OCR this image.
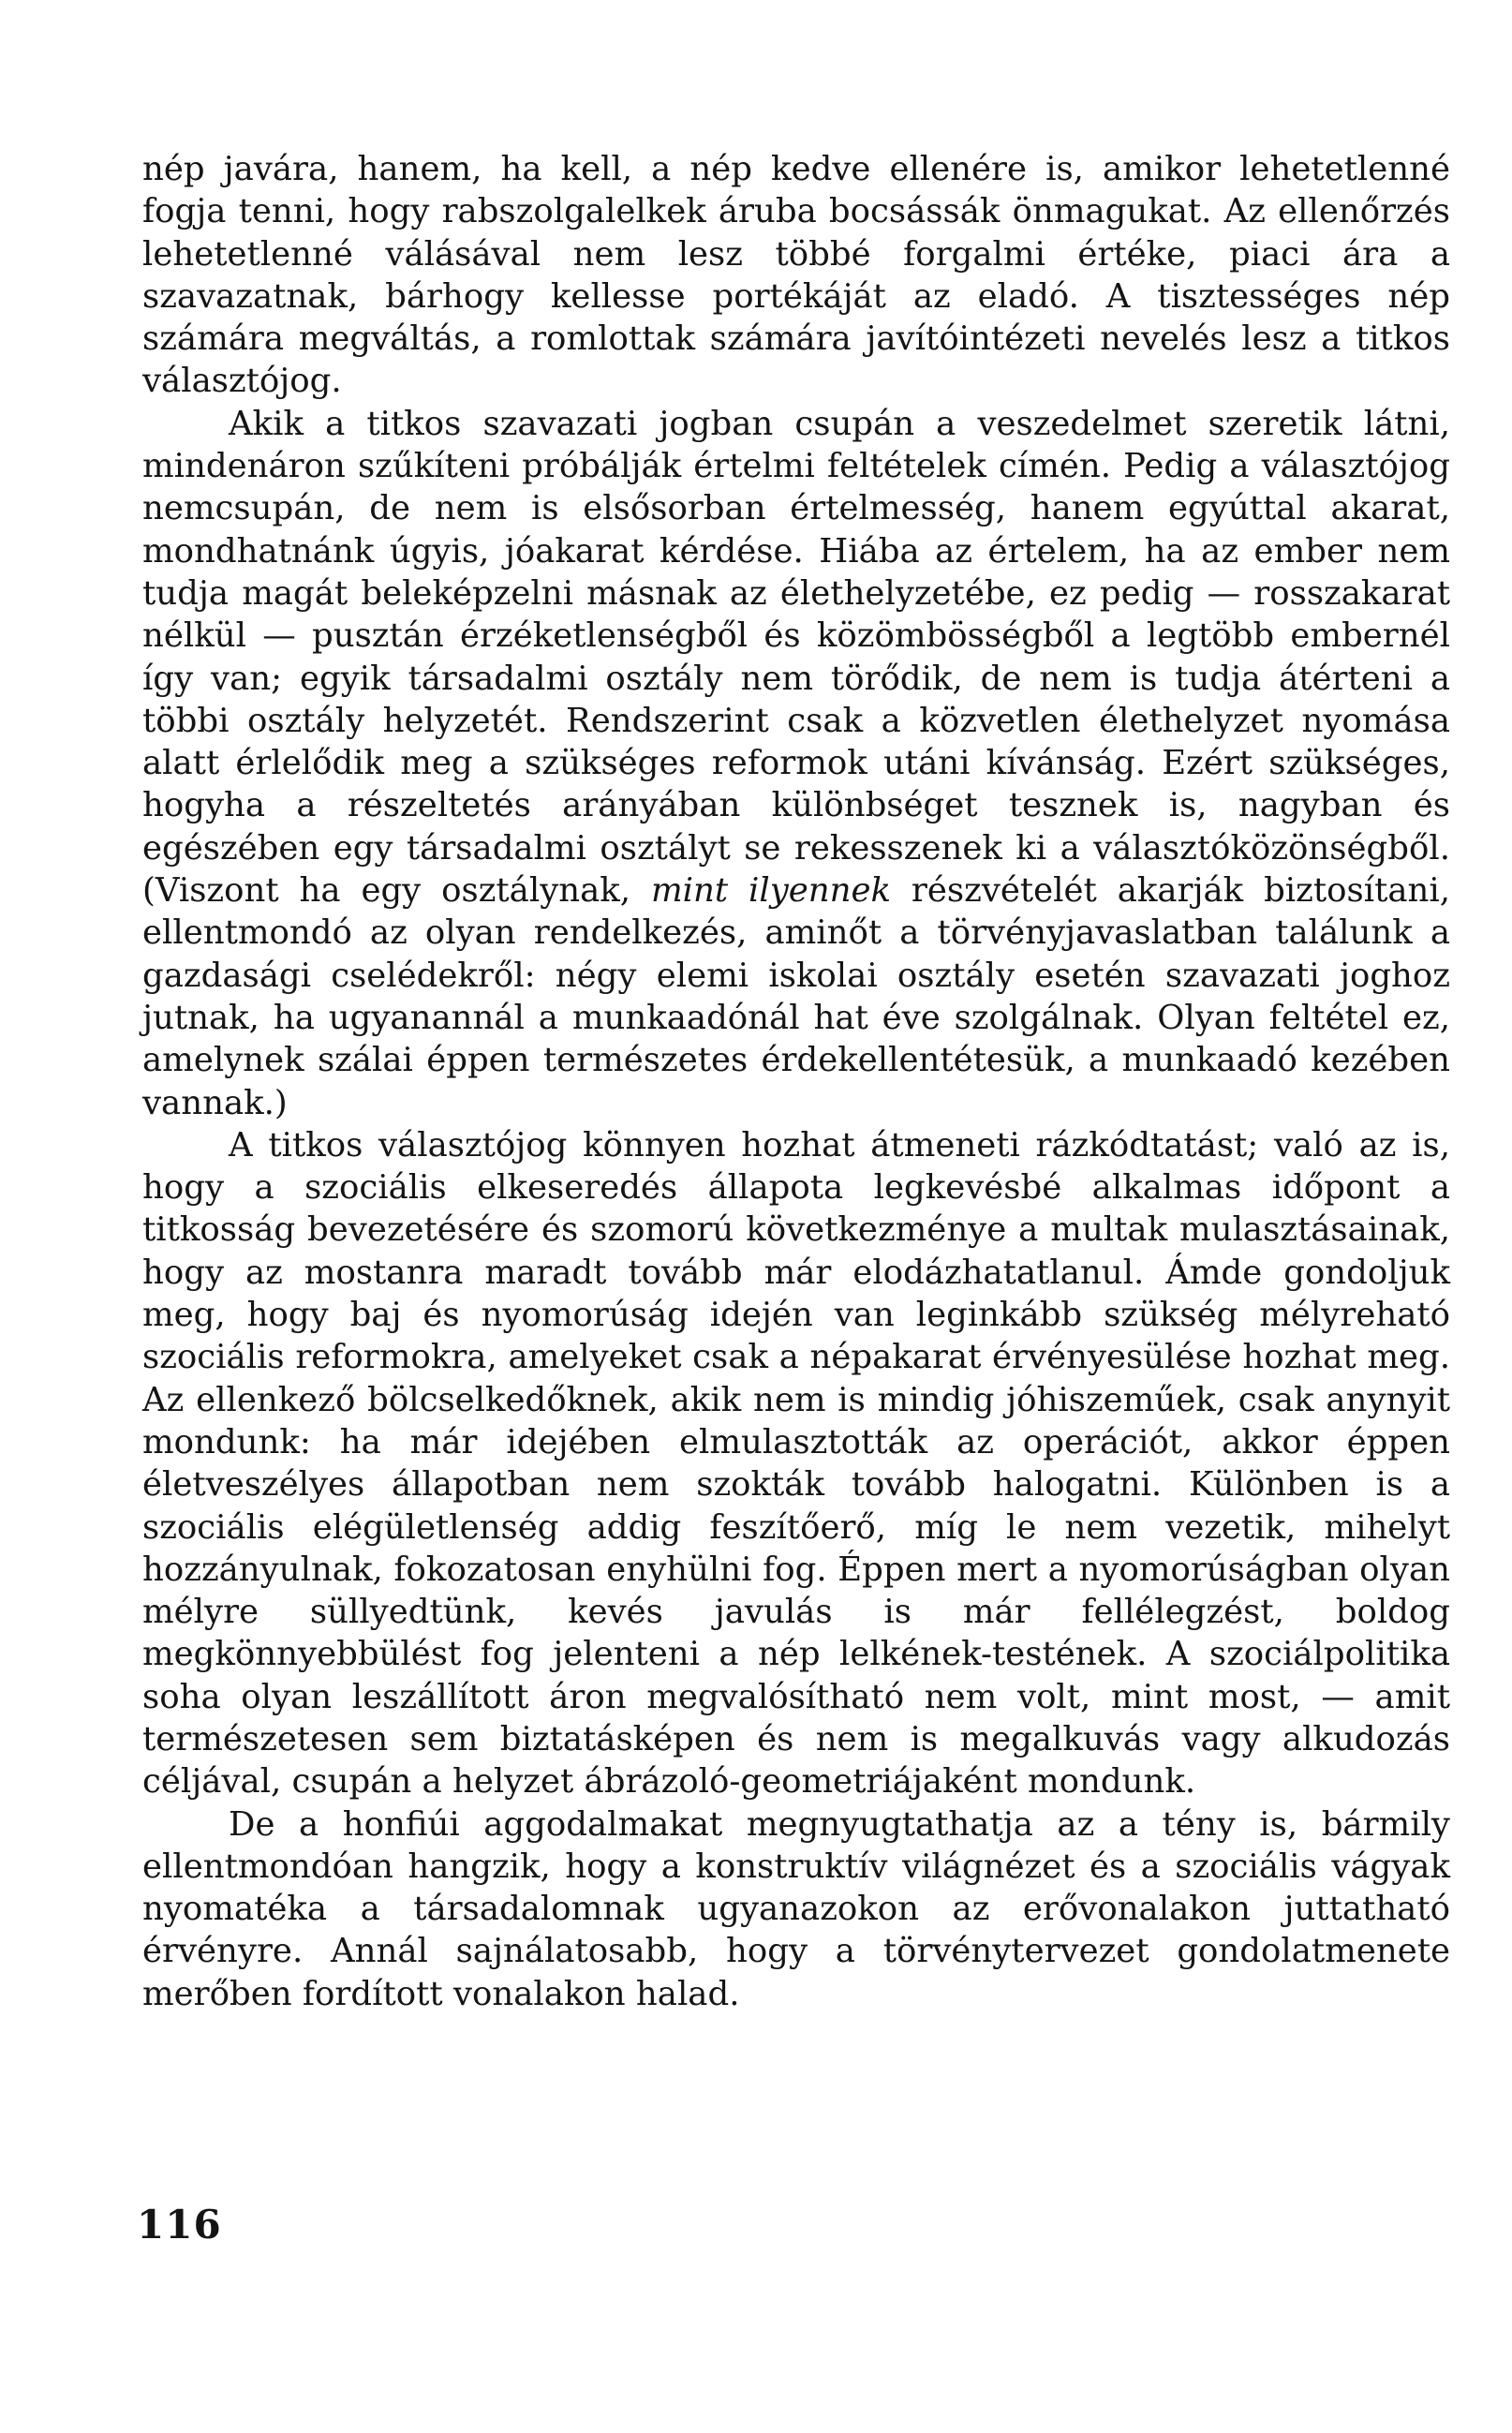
nép javára, hanem, ha kell, a nép kedve ellenére is, amikor lehetetlenné fogja tenni, hogy rabszolgalelkek áruba bocsássák önmagukat. Az ellenőrzés lehetetlenné válásával nem lesz többé forgalmi értéke, piaci ára a szavazatnak, bárhogy kellesse portékáját az eladó. A tisztességes nép számára megváltás, a romlottak számára javítóintézeti nevelés lesz a titkos választójog.

Akik a titkos szavazati jogban csupán a veszedelmet szeretik látni, mindenáron szűkíteni próbálják értelmi feltételek címén. Pedig a választójog nemcsupán, de nem is elsősorban értelmesség, hanem egyúttal akarat, mondhatnánk úgyis, jóakarat kérdése. Hiába az értelem, ha az ember nem tudja magát beleképzelni másnak az élethelyzetébe, ez pedig — rosszakarat nélkül — pusztán érzéketlenségből és közömbösségből a legtöbb embernél így van; egyik társadalmi osztály nem törődik, de nem is tudja átérteni a többi osztály helyzetét. Rendszerint csak a közvetlen élethelyzet nyomása alatt érlelődik meg a szükséges reformok utáni kívánság. Ezért szükséges, hogyha a részeltetés arányában különbséget tesznek is, nagyban és egészében egy társadalmi osztályt se rekesszenek ki a választóközönségből. (Viszont ha egy osztálynak, mint ilyennek részvételét akarják biztosítani, ellentmondó az olyan rendelkezés, aminőt a törvényjavaslatban találunk a gazdasági cselédekről: négy elemi iskolai osztály esetén szavazati joghoz jutnak, ha ugyanannál a munkaadónál hat éve szolgálnak. Olyan feltétel ez, amelynek szálai éppen természetes érdekellentétesük, a munkaadó kezében vannak.)

A titkos választójog könnyen hozhat átmeneti rázkódtatást; való az is, hogy a szociális elkeseredés állapota legkevésbé alkalmas időpont a titkosság bevezetésére és szomorú következménye a multak mulasztásainak, hogy az mostanra maradt tovább már elodázhatatlanul. Ámde gondoljuk meg, hogy baj és nyomorúság idején van leginkább szükség mélyreható szociális reformokra, amelyeket csak a népakarat érvényesülése hozhat meg. Az ellenkező bölcselkedőknek, akik nem is mindig jóhiszeműek, csak anynyit mondunk: ha már idejében elmulasztották az operációt, akkor éppen életveszélyes állapotban nem szokták tovább halogatni. Különben is a szociális elégületlenség addig feszítőerő, míg le nem vezetik, mihelyt hozzányulnak, fokozatosan enyhülni fog. Éppen mert a nyomorúságban olyan mélyre süllyedtünk, kevés javulás is már fellélegzést, boldog megkönnyebbülést fog jelenteni a nép lelkének-testének. A szociálpolitika soha olyan leszállított áron megvalósítható nem volt, mint most, — amit természetesen sem biztatásképen és nem is megalkuvás vagy alkudozás céljával, csupán a helyzet ábrázoló-geometriájaként mondunk.

De a honfiúi aggodalmakat megnyugtathatja az a tény is, bármily ellentmondóan hangzik, hogy a konstruktív világnézet és a szociális vágyak nyomatéka a társadalomnak ugyanazokon az erővonalakon juttatható érvényre. Annál sajnálatosabb, hogy a törvénytervezet gondolatmenete merőben fordított vonalakon halad.

116
